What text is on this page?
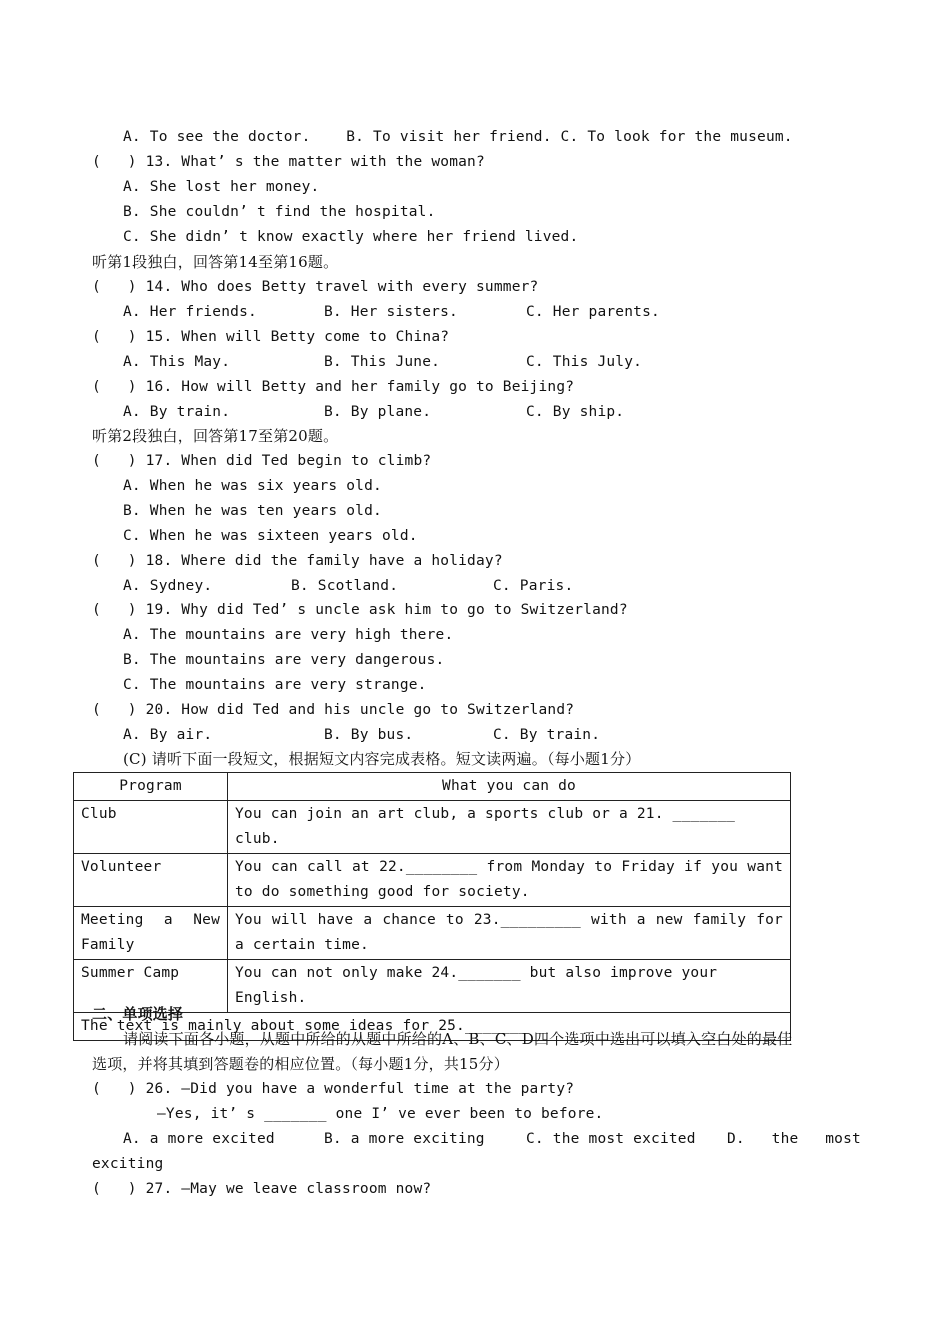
A. To see the doctor.    B. To visit her friend. C. To look for the museum.
(   ) 13. What’ s the matter with the woman?
A. She lost her money.
B. She couldn’ t find the hospital.
C. She didn’ t know exactly where her friend lived.
听第1段独白，回答第14至第16题。
(   ) 14. Who does Betty travel with every summer?
A. Her friends.	B. Her sisters.	C. Her parents.
(   ) 15. When will Betty come to China?
A. This May.	B. This June.	C. This July.
(   ) 16. How will Betty and her family go to Beijing?
A. By train.	B. By plane.	C. By ship.
听第2段独白，回答第17至第20题。
(   ) 17. When did Ted begin to climb?
A. When he was six years old.
B. When he was ten years old.
C. When he was sixteen years old.
(   ) 18. Where did the family have a holiday?
A. Sydney.	B. Scotland.	C. Paris.
(   ) 19. Why did Ted’ s uncle ask him to go to Switzerland?
A. The mountains are very high there.
B. The mountains are very dangerous.
C. The mountains are very strange.
(   ) 20. How did Ted and his uncle go to Switzerland?
A. By air.	B. By bus.	C. By train.
(C) 请听下面一段短文，根据短文内容完成表格。短文读两遍。（每小题1分）
Program	What you can do
Club	You can join an art club, a sports club or a 21. _______ club.
Volunteer	You can call at 22.________ from Monday to Friday if you want to do something good for society.
Meeting a New Family	You will have a chance to 23._________ with a new family for a certain time.
Summer Camp	You can not only make 24._______ but also improve your English.
The text is mainly about some ideas for 25._______	
二、单项选择
请阅读下面各小题，从题中所给的从题中所给的A、B、C、D四个选项中选出可以填入空白处的最佳
选项，并将其填到答题卷的相应位置。（每小题1分，共15分）
(   ) 26. —Did you have a wonderful time at the party?
—Yes, it’ s _______ one I’ ve ever been to before.
A. a more excited	B. a more exciting	C. the most excited D.   the   most
exciting
(   ) 27. —May we leave classroom now?
